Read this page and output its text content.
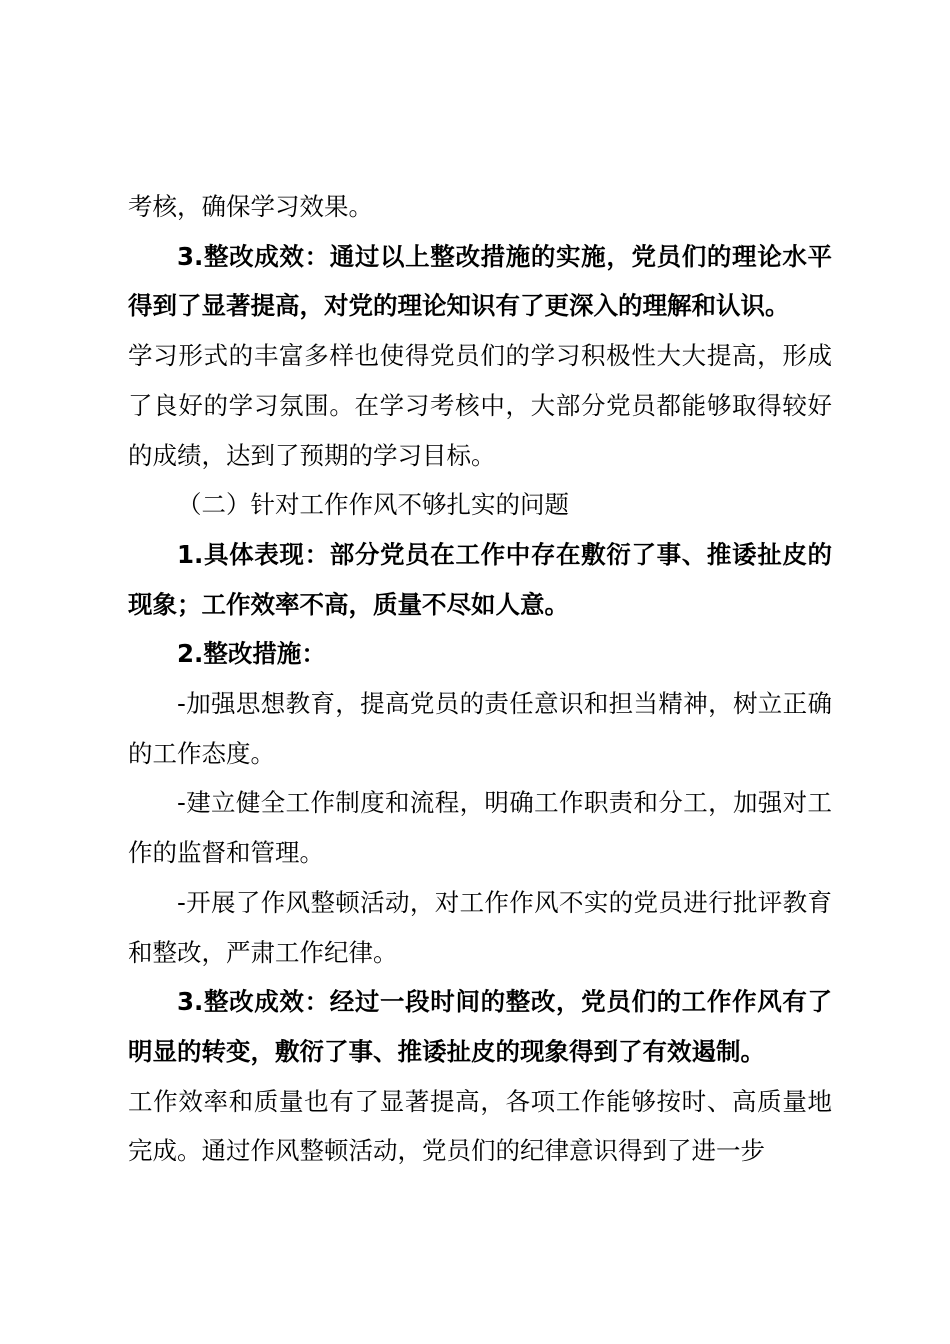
考核，确保学习效果。

3.整改成效：通过以上整改措施的实施，党员们的理论水平得到了显著提高，对党的理论知识有了更深入的理解和认识。

学习形式的丰富多样也使得党员们的学习积极性大大提高，形成了良好的学习氛围。在学习考核中，大部分党员都能够取得较好的成绩，达到了预期的学习目标。

（二）针对工作作风不够扎实的问题

1.具体表现：部分党员在工作中存在敷衍了事、推诿扯皮的现象；工作效率不高，质量不尽如人意。

2.整改措施：

-加强思想教育，提高党员的责任意识和担当精神，树立正确的工作态度。

-建立健全工作制度和流程，明确工作职责和分工，加强对工作的监督和管理。

-开展了作风整顿活动，对工作作风不实的党员进行批评教育和整改，严肃工作纪律。

3.整改成效：经过一段时间的整改，党员们的工作作风有了明显的转变，敷衍了事、推诿扯皮的现象得到了有效遏制。

工作效率和质量也有了显著提高，各项工作能够按时、高质量地完成。通过作风整顿活动，党员们的纪律意识得到了进一步
